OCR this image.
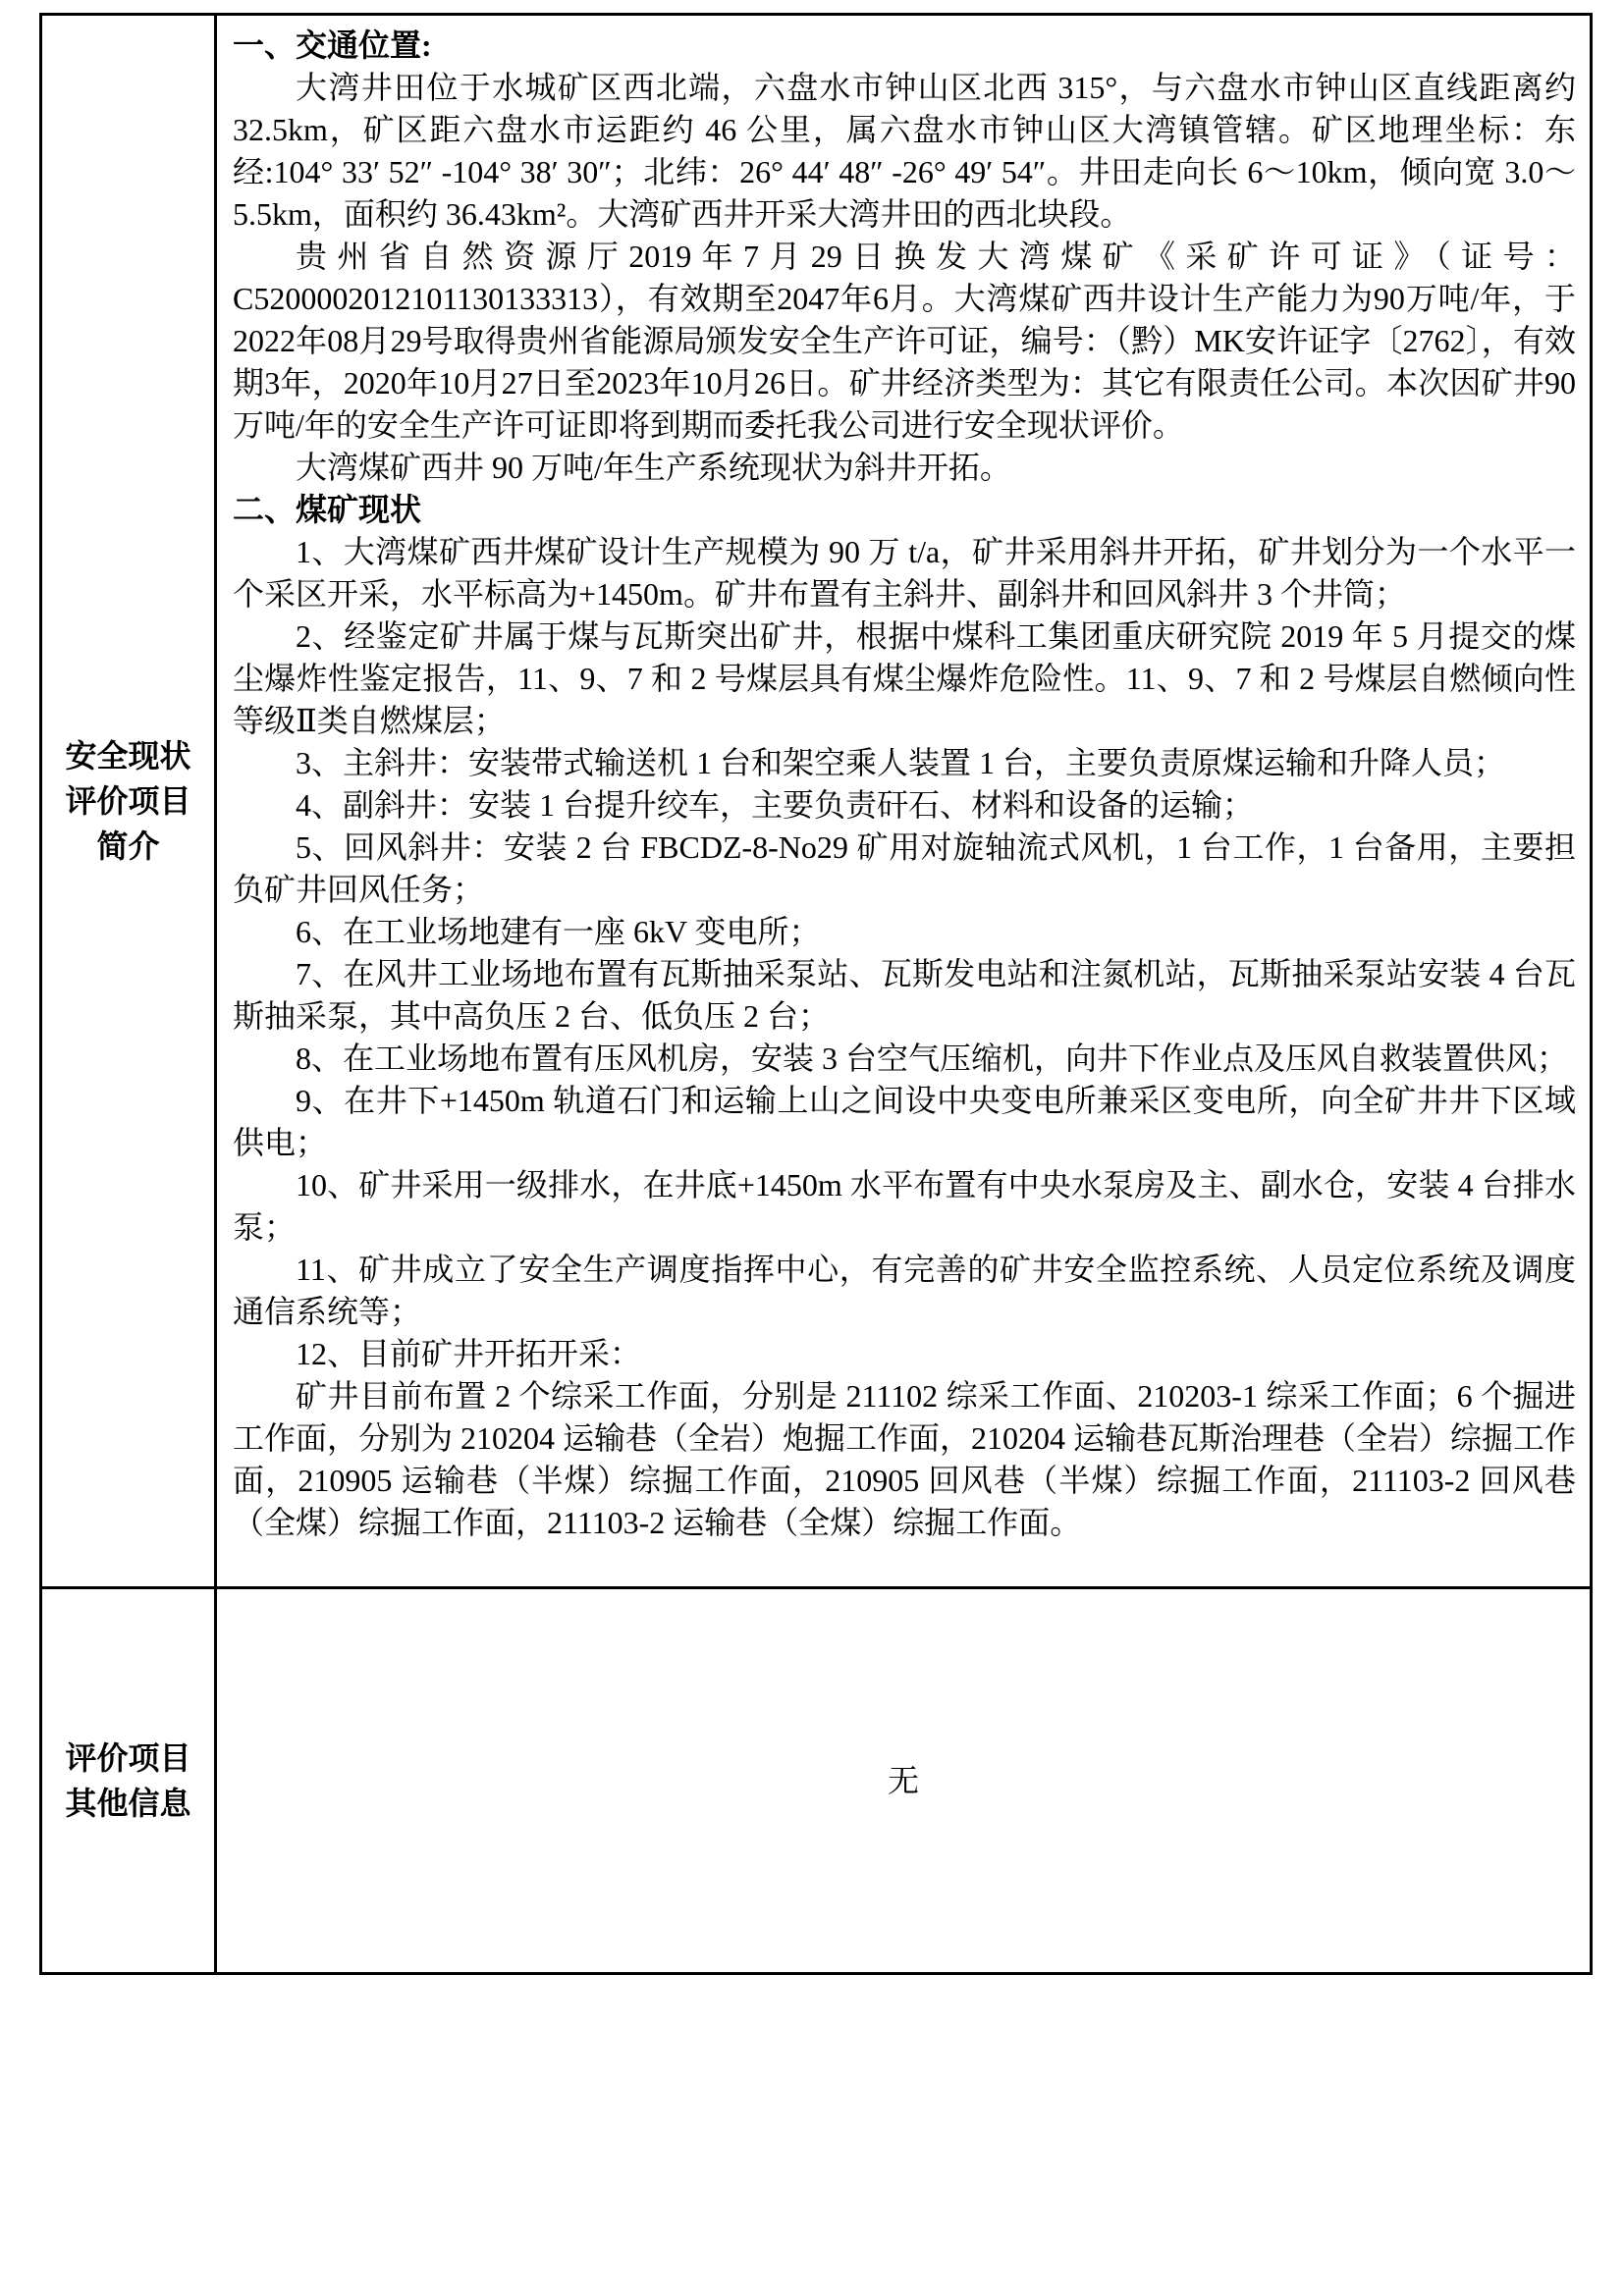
安全现状
评价项目
简介

一、交通位置:

大湾井田位于水城矿区西北端，六盘水市钟山区北西 315°，与六盘水市钟山区直线距离约 32.5km，矿区距六盘水市运距约 46 公里，属六盘水市钟山区大湾镇管辖。矿区地理坐标：东经:104° 33′ 52″ -104° 38′ 30″；北纬：26° 44′ 48″ -26° 49′ 54″。井田走向长 6～10km，倾向宽 3.0～5.5km，面积约 36.43km²。大湾矿西井开采大湾井田的西北块段。

贵州省自然资源厅2019年7月29日换发大湾煤矿《采矿许可证》（证号：C5200002012101130133313），有效期至2047年6月。大湾煤矿西井设计生产能力为90万吨/年，于2022年08月29号取得贵州省能源局颁发安全生产许可证，编号：（黔）MK安许证字〔2762〕，有效期3年，2020年10月27日至2023年10月26日。矿井经济类型为：其它有限责任公司。本次因矿井90万吨/年的安全生产许可证即将到期而委托我公司进行安全现状评价。

大湾煤矿西井 90 万吨/年生产系统现状为斜井开拓。

二、煤矿现状

1、大湾煤矿西井煤矿设计生产规模为 90 万 t/a，矿井采用斜井开拓，矿井划分为一个水平一个采区开采，水平标高为+1450m。矿井布置有主斜井、副斜井和回风斜井 3 个井筒；

2、经鉴定矿井属于煤与瓦斯突出矿井，根据中煤科工集团重庆研究院 2019 年 5 月提交的煤尘爆炸性鉴定报告，11、9、7 和 2 号煤层具有煤尘爆炸危险性。11、9、7 和 2 号煤层自燃倾向性等级Ⅱ类自燃煤层；

3、主斜井：安装带式输送机 1 台和架空乘人装置 1 台，主要负责原煤运输和升降人员；

4、副斜井：安装 1 台提升绞车，主要负责矸石、材料和设备的运输；

5、回风斜井：安装 2 台 FBCDZ-8-No29 矿用对旋轴流式风机，1 台工作，1 台备用，主要担负矿井回风任务；

6、在工业场地建有一座 6kV 变电所；

7、在风井工业场地布置有瓦斯抽采泵站、瓦斯发电站和注氮机站，瓦斯抽采泵站安装 4 台瓦斯抽采泵，其中高负压 2 台、低负压 2 台；

8、在工业场地布置有压风机房，安装 3 台空气压缩机，向井下作业点及压风自救装置供风；

9、在井下+1450m 轨道石门和运输上山之间设中央变电所兼采区变电所，向全矿井井下区域供电；

10、矿井采用一级排水，在井底+1450m 水平布置有中央水泵房及主、副水仓，安装 4 台排水泵；

11、矿井成立了安全生产调度指挥中心，有完善的矿井安全监控系统、人员定位系统及调度通信系统等；

12、目前矿井开拓开采：

矿井目前布置 2 个综采工作面，分别是 211102 综采工作面、210203-1 综采工作面；6 个掘进工作面，分别为 210204 运输巷（全岩）炮掘工作面，210204 运输巷瓦斯治理巷（全岩）综掘工作面，210905 运输巷（半煤）综掘工作面，210905 回风巷（半煤）综掘工作面，211103-2 回风巷（全煤）综掘工作面，211103-2 运输巷（全煤）综掘工作面。

评价项目
其他信息
无
